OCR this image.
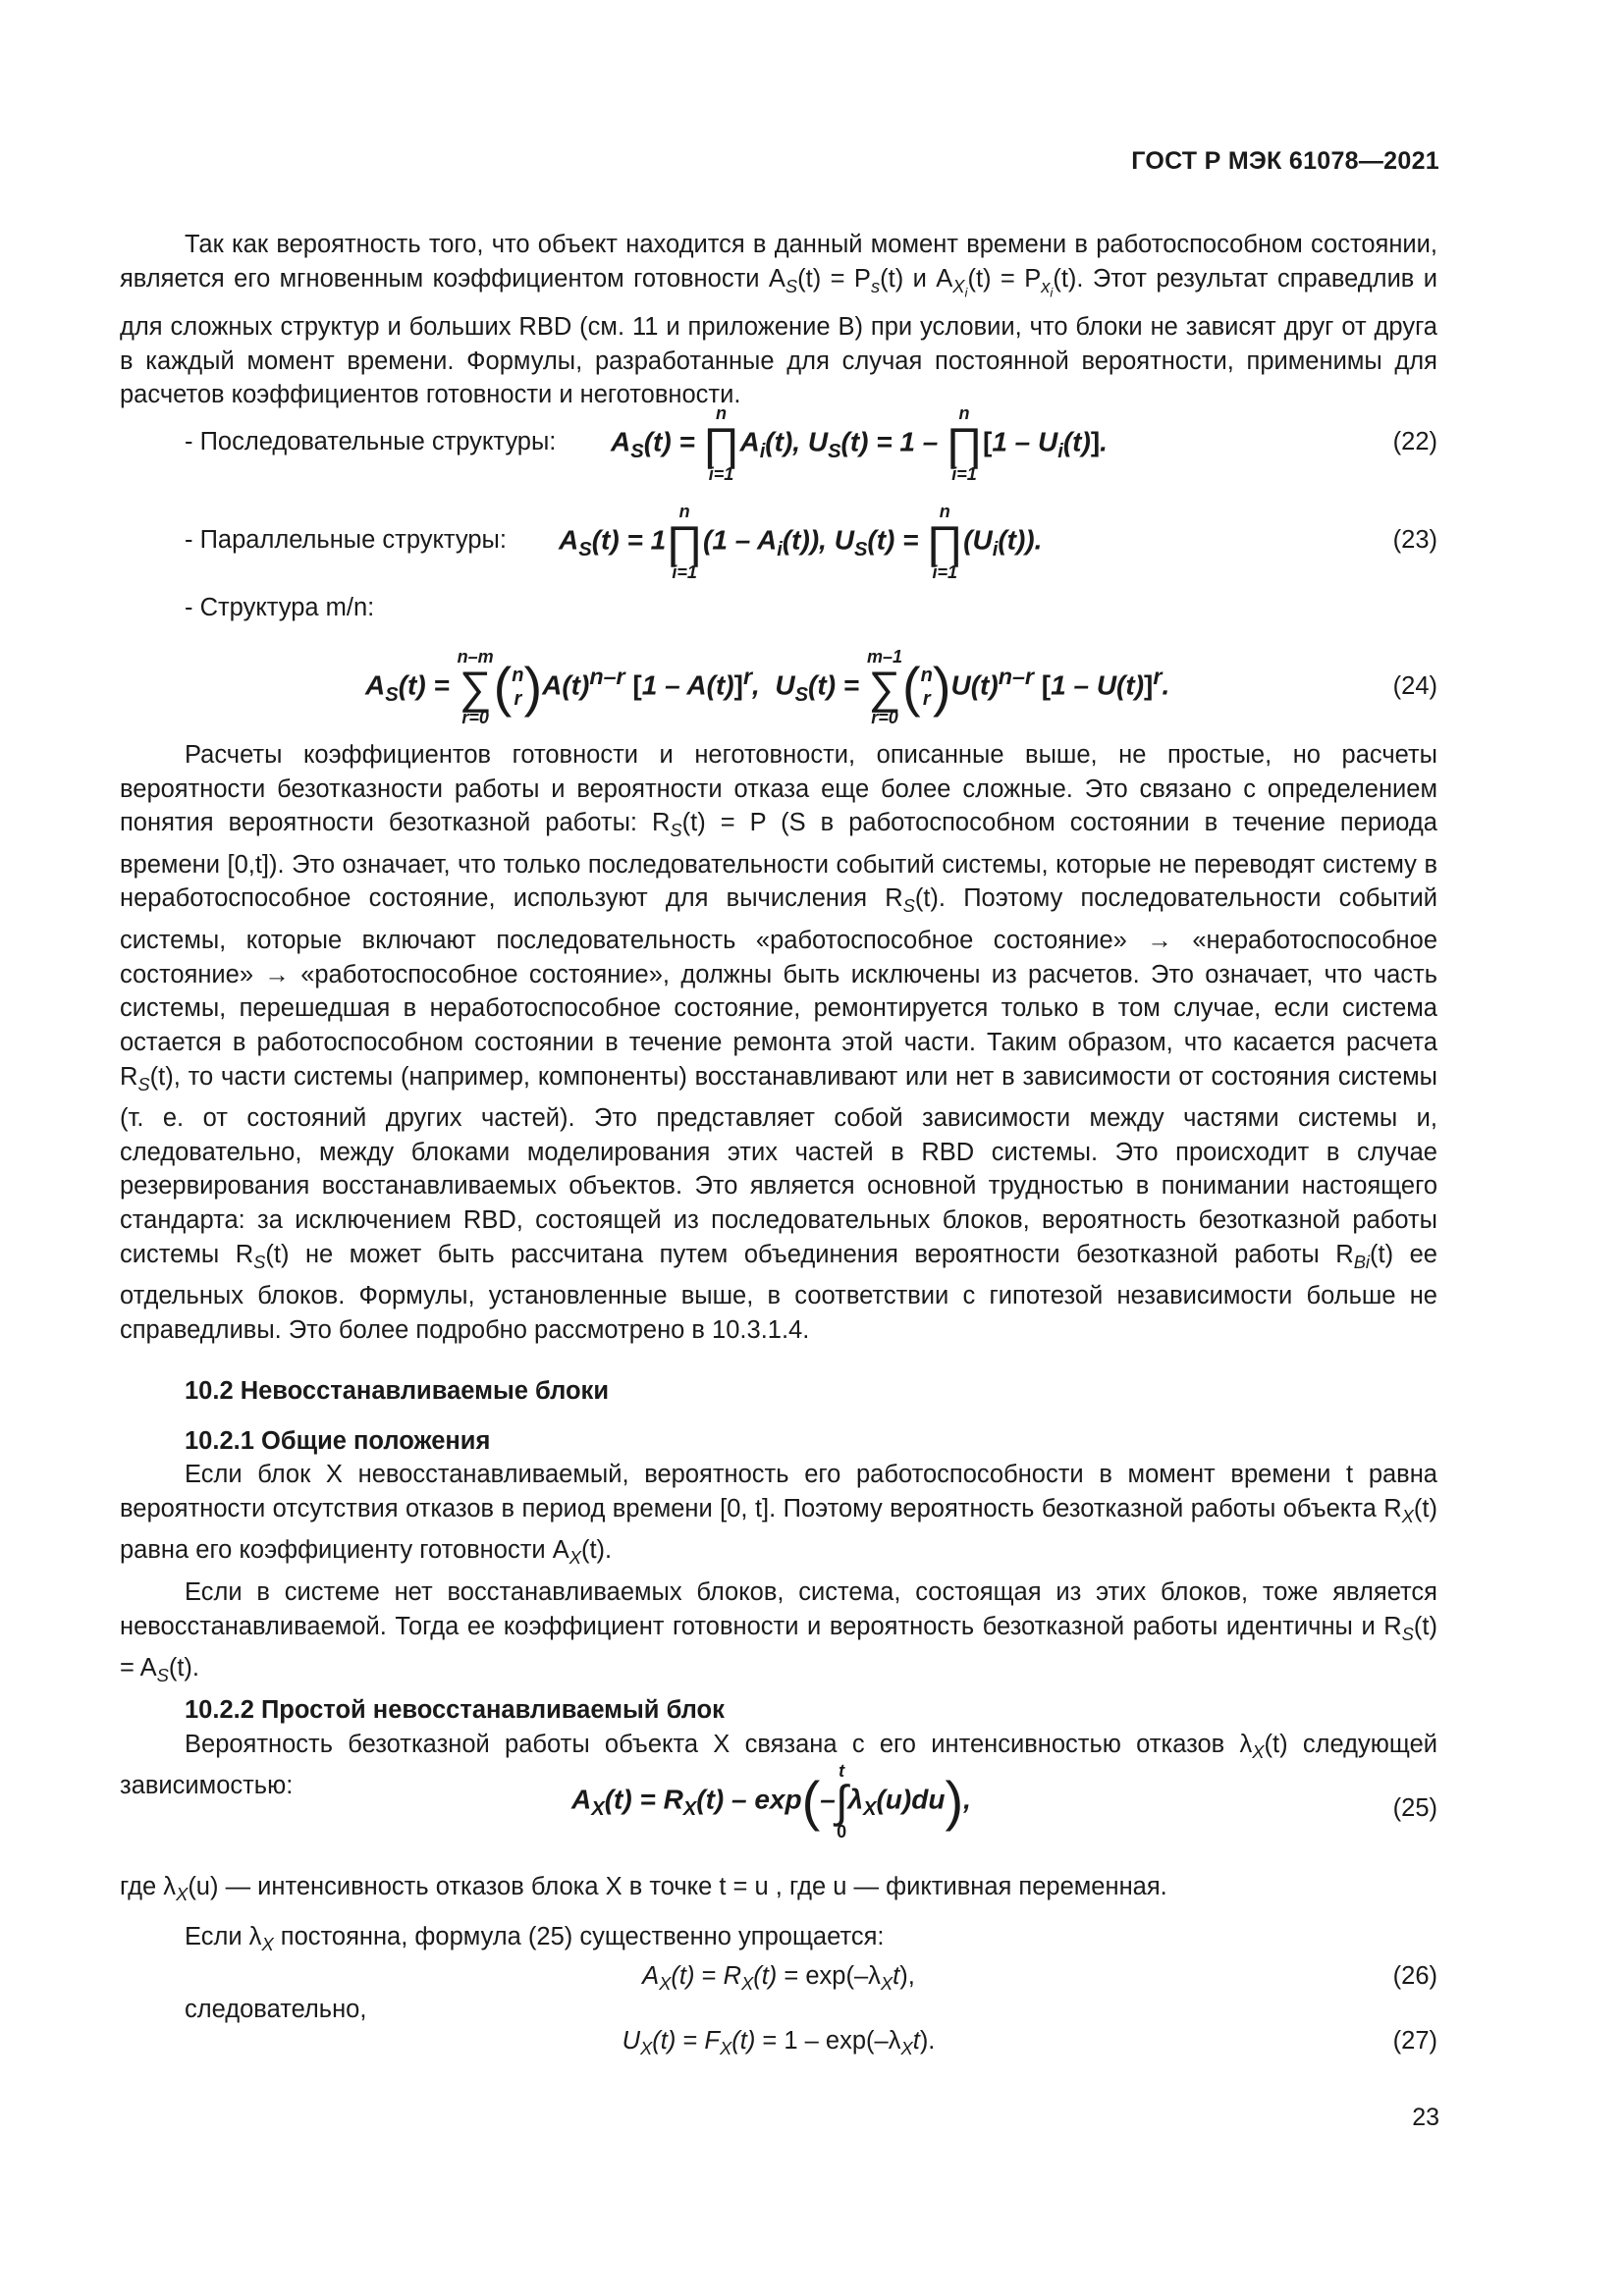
ГОСТ Р МЭК 61078—2021

Так как вероятность того, что объект находится в данный момент времени в работоспособном состоянии, является его мгновенным коэффициентом готовности $A_S(t) = P_s(t)$ и $A_{X_i}(t) = P_{x_i}(t)$. Этот результат справедлив и для сложных структур и больших RBD (см. 11 и приложение В) при условии, что блоки не зависят друг от друга в каждый момент времени. Формулы, разработанные для случая постоянной вероятности, применимы для расчетов коэффициентов готовности и неготовности.

- Последовательные структуры: $A_S(t)$ =
n
∏
i=1
$A_i(t)$, $U_S(t) = 1$ –
n
∏
i=1
$[1 - U_i(t)]$.	(22)
- Параллельные структуры: $A_S(t) = 1$
n
∏
i=1
$(1 - A_i(t))$, $U_S(t)$ =
n
∏
i=1
$(U_i(t))$.	(23)

- Структура m/n:

$A_S(t)$ =
n–m
∑
r=0 ( n
r )$A(t)^{n-r}$ [1 – A(t)]$^r$,  $U_S(t)$ =
m–1
∑
r=0 ( n
r )$U(t)^{n-r}$ [1 – U(t)]$^r$.	(24)

Расчеты коэффициентов готовности и неготовности, описанные выше, не простые, но расчеты вероятности безотказности работы и вероятности отказа еще более сложные. Это связано с определением понятия вероятности безотказной работы: $R_S(t) = P$ (S в работоспособном состоянии в течение периода времени [0,t]). Это означает, что только последовательности событий системы, которые не переводят систему в неработоспособное состояние, используют для вычисления $R_S(t)$. Поэтому последовательности событий системы, которые включают последовательность «работоспособное состояние» → «неработоспособное состояние» → «работоспособное состояние», должны быть исключены из расчетов. Это означает, что часть системы, перешедшая в неработоспособное состояние, ремонтируется только в том случае, если система остается в работоспособном состоянии в течение ремонта этой части. Таким образом, что касается расчета $R_S(t)$, то части системы (например, компоненты) восстанавливают или нет в зависимости от состояния системы (т. е. от состояний других частей). Это представляет собой зависимости между частями системы и, следовательно, между блоками моделирования этих частей в RBD системы. Это происходит в случае резервирования восстанавливаемых объектов. Это является основной трудностью в понимании настоящего стандарта: за исключением RBD, состоящей из последовательных блоков, вероятность безотказной работы системы $R_S(t)$ не может быть рассчитана путем объединения вероятности безотказной работы $R_{Bi}(t)$ ее отдельных блоков. Формулы, установленные выше, в соответствии с гипотезой независимости больше не справедливы. Это более подробно рассмотрено в 10.3.1.4.

10.2 Невосстанавливаемые блоки

10.2.1 Общие положения

Если блок X невосстанавливаемый, вероятность его работоспособности в момент времени t равна вероятности отсутствия отказов в период времени [0, t]. Поэтому вероятность безотказной работы объекта $R_X(t)$ равна его коэффициенту готовности $A_X(t)$.

Если в системе нет восстанавливаемых блоков, система, состоящая из этих блоков, тоже является невосстанавливаемой. Тогда ее коэффициент готовности и вероятность безотказной работы идентичны и $R_S(t) = A_S(t)$.

10.2.2 Простой невосстанавливаемый блок

Вероятность безотказной работы объекта X связана с его интенсивностью отказов $\lambda_X(t)$ следующей зависимостью:	$A_X(t) = R_X(t) - \exp(-$
t
∫
0
$\lambda_X(u)du$),	(25)

где $\lambda_X(u)$ — интенсивность отказов блока X в точке t = u , где u — фиктивная переменная.

Если $\lambda_X$ постоянна, формула (25) существенно упрощается:

$A_X(t) = R_X(t) = \exp(-\lambda_Xt)$,	(26)

следовательно,

$U_X(t) = F_X(t) = 1 - \exp(-\lambda_Xt)$.	(27)
23
